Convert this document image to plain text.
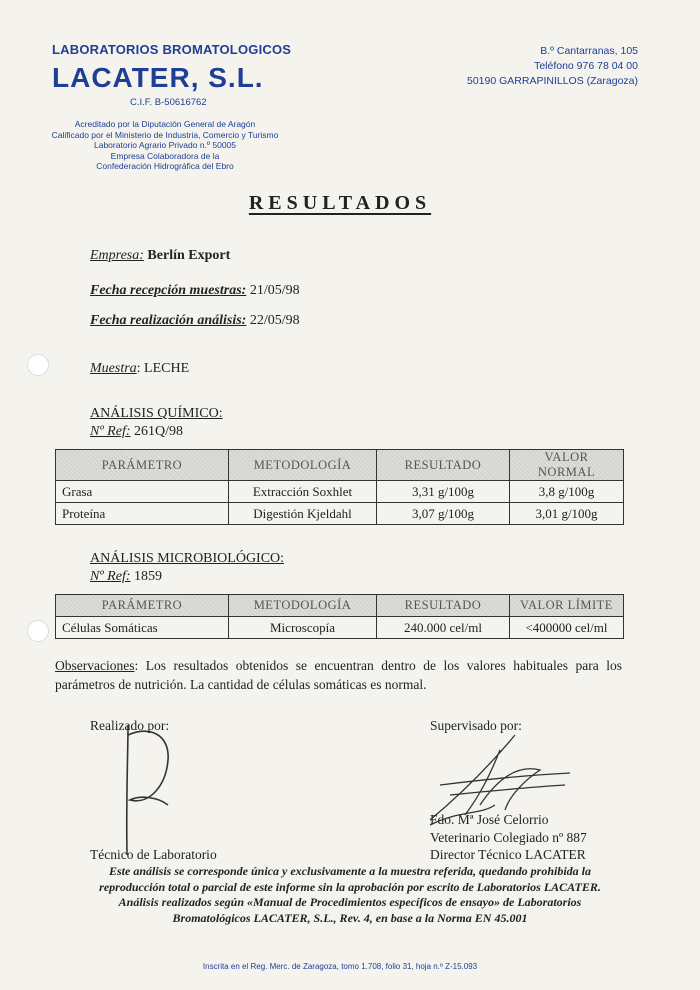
LABORATORIOS BROMATOLOGICOS
LACATER, S.L.
C.I.F. B-50616762
Acreditado por la Diputación General de Aragón
Calificado por el Ministerio de Industria, Comercio y Turismo
Laboratorio Agrario Privado n.º 50005
Empresa Colaboradora de la
Confederación Hidrográfica del Ebro
B.º Cantarranas, 105
Teléfono 976 78 04 00
50190 GARRAPINILLOS (Zaragoza)
RESULTADOS
Empresa: Berlín Export
Fecha recepción muestras: 21/05/98
Fecha realización análisis: 22/05/98
Muestra: LECHE
ANÁLISIS QUÍMICO:
Nº Ref: 261Q/98
PARÁMETRO	METODOLOGÍA	RESULTADO	VALOR NORMAL
Grasa	Extracción Soxhlet	3,31 g/100g	3,8 g/100g
Proteína	Digestión Kjeldahl	3,07 g/100g	3,01 g/100g
ANÁLISIS MICROBIOLÓGICO:
Nº Ref: 1859
PARÁMETRO	METODOLOGÍA	RESULTADO	VALOR LÍMITE
Células Somáticas	Microscopía	240.000 cel/ml	<400000 cel/ml
Observaciones: Los resultados obtenidos se encuentran dentro de los valores habituales para los parámetros de nutrición. La cantidad de células somáticas es normal.
Realizado por:
Técnico de Laboratorio
Supervisado por:
Fdo. Mª José Celorrio
Veterinario Colegiado nº 887
Director Técnico LACATER
Este análisis se corresponde única y exclusivamente a la muestra referida, quedando prohibida la
reproducción total o parcial de este informe sin la aprobación por escrito de Laboratorios LACATER.
Análisis realizados según «Manual de Procedimientos específicos de ensayo» de Laboratorios
Bromatológicos LACATER, S.L., Rev. 4, en base a la Norma EN 45.001
Inscrita en el Reg. Merc. de Zaragoza, tomo 1.708, folio 31, hoja n.º Z-15.093
